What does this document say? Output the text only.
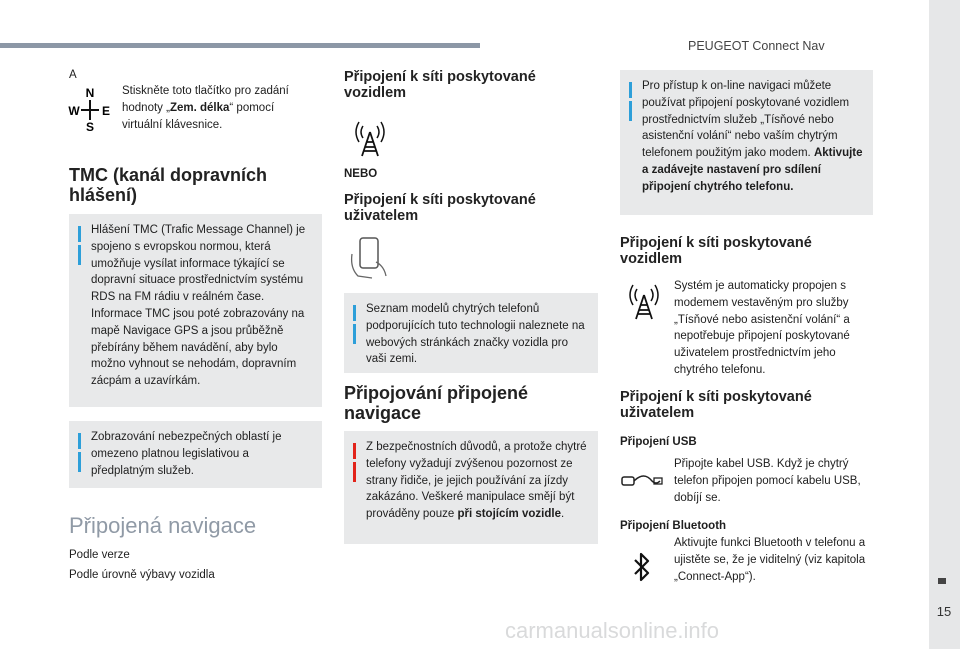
PEUGEOT Connect Nav
15
A
N
W E
S
Stiskněte toto tlačítko pro zadání hodnoty „Zem. délka“ pomocí virtuální klávesnice.
TMC (kanál dopravních hlášení)
Hlášení TMC (Trafic Message Channel) je spojeno s evropskou normou, která umožňuje vysílat informace týkající se dopravní situace prostřednictvím systému RDS na FM rádiu v reálném čase. Informace TMC jsou poté zobrazovány na mapě Navigace GPS a jsou průběžně přebírány během navádění, aby bylo možno vyhnout se nehodám, dopravním zácpám a uzavírkám.
Zobrazování nebezpečných oblastí je omezeno platnou legislativou a předplatným služeb.
Připojená navigace
Podle verze
Podle úrovně výbavy vozidla
Připojení k síti poskytované vozidlem
NEBO
Připojení k síti poskytované uživatelem
Seznam modelů chytrých telefonů podporujících tuto technologii naleznete na webových stránkách značky vozidla pro vaši zemi.
Připojování připojené navigace
Z bezpečnostních důvodů, a protože chytré telefony vyžadují zvýšenou pozornost ze strany řidiče, je jejich používání za jízdy zakázáno. Veškeré manipulace smějí být prováděny pouze při stojícím vozidle.
Pro přístup k on-line navigaci můžete používat připojení poskytované vozidlem prostřednictvím služeb „Tísňové nebo asistenční volání“ nebo vaším chytrým telefonem použitým jako modem. Aktivujte a zadávejte nastavení pro sdílení připojení chytrého telefonu.
Připojení k síti poskytované vozidlem
Systém je automaticky propojen s modemem vestavěným pro služby „Tísňové nebo asistenční volání“ a nepotřebuje připojení poskytované uživatelem prostřednictvím jeho chytrého telefonu.
Připojení k síti poskytované uživatelem
Připojení USB
Připojte kabel USB. Když je chytrý telefon připojen pomocí kabelu USB, dobíjí se.
Připojení Bluetooth
Aktivujte funkci Bluetooth v telefonu a ujistěte se, že je viditelný (viz kapitola „Connect-App“).
carmanualsonline.info
